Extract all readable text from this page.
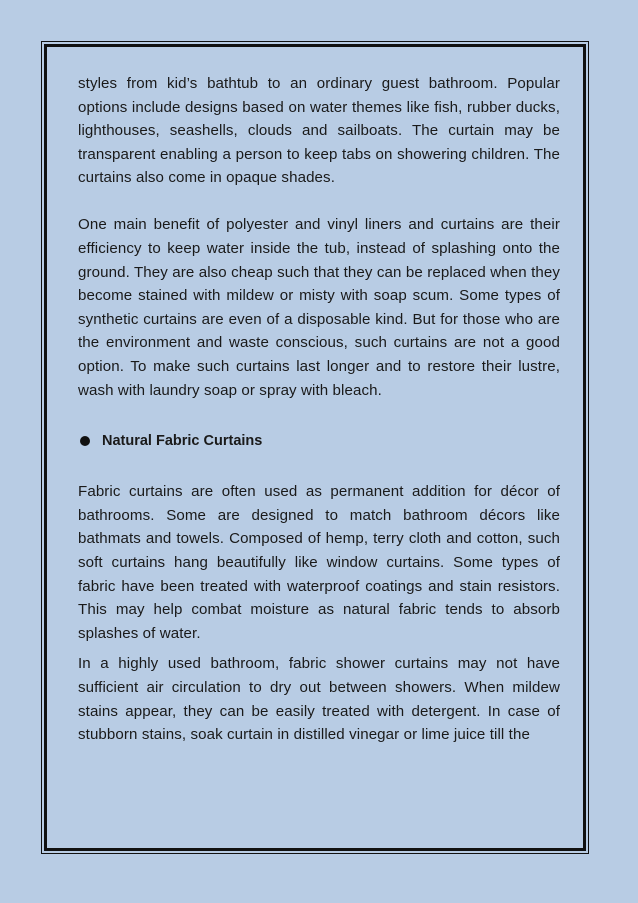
styles from kid’s bathtub to an ordinary guest bathroom. Popular options include designs based on water themes like fish, rubber ducks, lighthouses, seashells, clouds and sailboats. The curtain may be transparent enabling a person to keep tabs on showering children. The curtains also come in opaque shades.

One main benefit of polyester and vinyl liners and curtains are their efficiency to keep water inside the tub, instead of splashing onto the ground. They are also cheap such that they can be replaced when they become stained with mildew or misty with soap scum. Some types of synthetic curtains are even of a disposable kind. But for those who are the environment and waste conscious, such curtains are not a good option. To make such curtains last longer and to restore their lustre, wash with laundry soap or spray with bleach.

Natural Fabric Curtains

Fabric curtains are often used as permanent addition for décor of bathrooms. Some are designed to match bathroom décors like bathmats and towels. Composed of hemp, terry cloth and cotton, such soft curtains hang beautifully like window curtains. Some types of fabric have been treated with waterproof coatings and stain resistors. This may help combat moisture as natural fabric tends to absorb splashes of water.

In a highly used bathroom, fabric shower curtains may not have sufficient air circulation to dry out between showers. When mildew stains appear, they can be easily treated with detergent. In case of stubborn stains, soak curtain in distilled vinegar or lime juice till the
